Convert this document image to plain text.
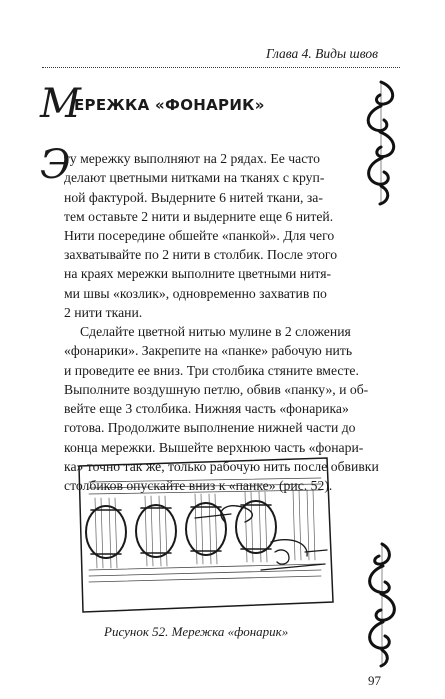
Глава 4. Виды швов
М
ЕРЕЖКА «ФОНАРИК»
Э
ту мережку выполняют на 2 рядах. Ее часто
делают цветными нитками на тканях с круп-
ной фактурой. Выдерните 6 нитей ткани, за-
тем оставьте 2 нити и выдерните еще 6 нитей.
Нити посередине обшейте «панкой». Для чего
захватывайте по 2 нити в столбик. После этого
на краях мережки выполните цветными нитя-
ми швы «козлик», одновременно захватив по
2 нити ткани.
Сделайте цветной нитью мулине в 2 сложения
«фонарики». Закрепите на «панке» рабочую нить
и проведите ее вниз. Три столбика стяните вместе.
Выполните воздушную петлю, обвив «панку», и об-
вейте еще 3 столбика. Нижняя часть «фонарика»
готова. Продолжите выполнение нижней части до
конца мережки. Вышейте верхнюю часть «фонари-
ка» точно так же, только рабочую нить после обвивки
столбиков опускайте вниз к «панке» (рис. 52).
Рисунок 52. Мережка «фонарик»
97
